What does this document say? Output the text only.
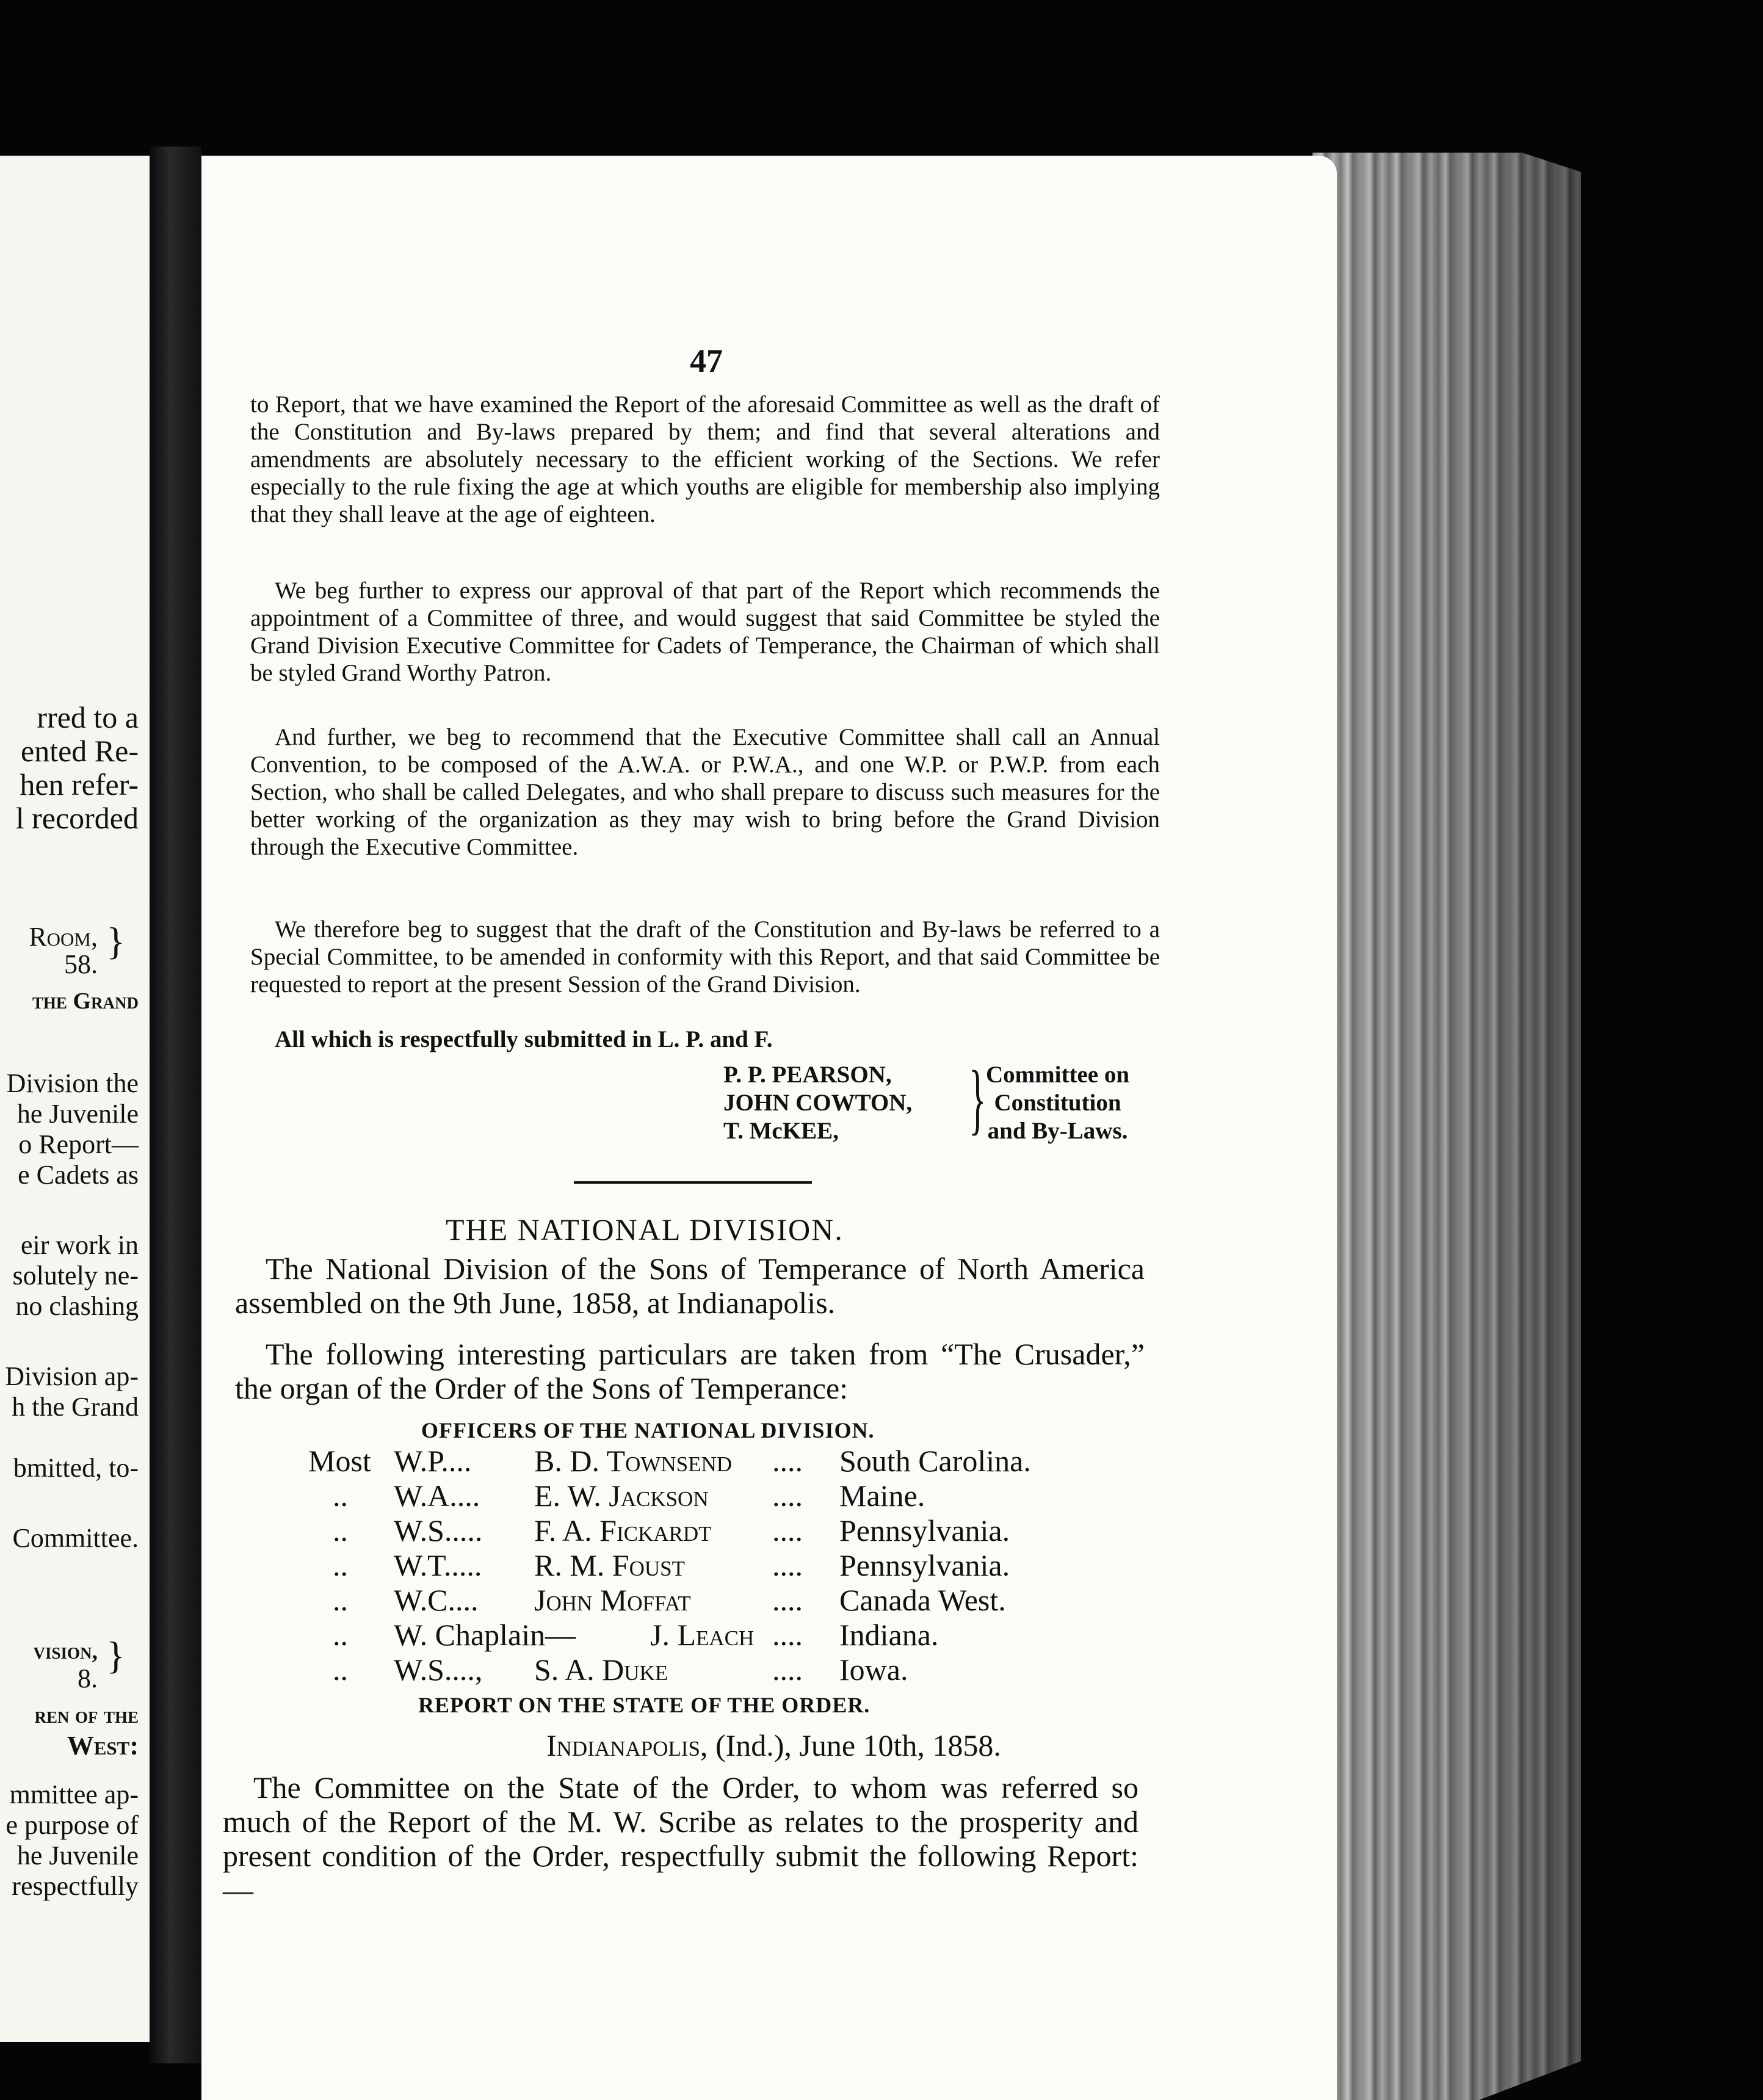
rred to a
ented Re-
hen refer-
l recorded
Room,
58.
}
the Grand
Division the
he Juvenile
o Report—
e Cadets as
eir work in
solutely ne-
no clashing
Division ap-
h the Grand
bmitted, to-
Committee.
vision,
8.
}
ren of the
West:
mmittee ap-
e purpose of
he Juvenile
respectfully
47

to Report, that we have examined the Report of the aforesaid Committee as well as the draft of the Constitution and By-laws prepared by them; and find that several alterations and amendments are absolutely necessary to the efficient working of the Sections. We refer especially to the rule fixing the age at which youths are eligible for membership also implying that they shall leave at the age of eighteen.

We beg further to express our approval of that part of the Report which recommends the appointment of a Committee of three, and would suggest that said Committee be styled the Grand Division Executive Committee for Cadets of Temperance, the Chairman of which shall be styled Grand Worthy Patron.

And further, we beg to recommend that the Executive Committee shall call an Annual Convention, to be composed of the A.W.A. or P.W.A., and one W.P. or P.W.P. from each Section, who shall be called Delegates, and who shall prepare to discuss such measures for the better working of the organization as they may wish to bring before the Grand Division through the Executive Committee.

We therefore beg to suggest that the draft of the Constitution and By-laws be referred to a Special Committee, to be amended in conformity with this Report, and that said Committee be requested to report at the present Session of the Grand Division.

All which is respectfully submitted in L. P. and F.
P. P. PEARSON,
JOHN COWTON,
T. McKEE,	} Committee on
Constitution
and By-Laws.
THE NATIONAL DIVISION.

The National Division of the Sons of Temperance of North America assembled on the 9th June, 1858, at Indianapolis.

The following interesting particulars are taken from “The Crusader,” the organ of the Order of the Sons of Temperance:

OFFICERS OF THE NATIONAL DIVISION.
Most W.P.... B. D. Townsend .... South Carolina.
..	W.A.... E. W. Jackson .... Maine.
..	W.S..... F. A. Fickardt .... Pennsylvania.
..	W.T..... R. M. Foust	.... Pennsylvania.
..	W.C.... John Moffat	.... Canada West.
..	W. Chaplain— J. Leach .... Indiana.
..	W.S...., S. A. Duke	.... Iowa.
REPORT ON THE STATE OF THE ORDER.
Indianapolis, (Ind.), June 10th, 1858.

The Committee on the State of the Order, to whom was referred so much of the Report of the M. W. Scribe as relates to the prosperity and present condition of the Order, respectfully submit the following Report:—
